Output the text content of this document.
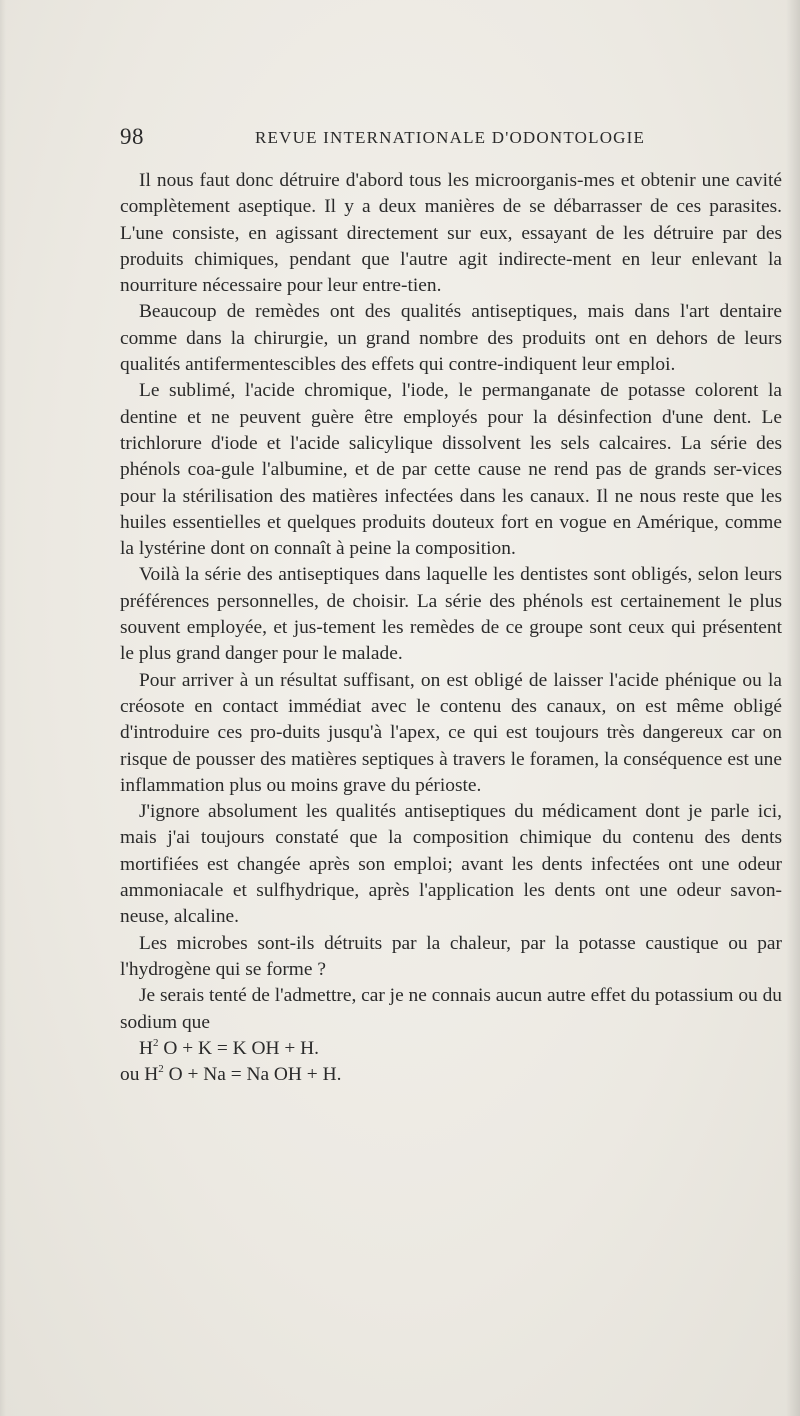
98	REVUE INTERNATIONALE D'ODONTOLOGIE

Il nous faut donc détruire d'abord tous les microorganis-mes et obtenir une cavité complètement aseptique. Il y a deux manières de se débarrasser de ces parasites. L'une consiste, en agissant directement sur eux, essayant de les détruire par des produits chimiques, pendant que l'autre agit indirecte-ment en leur enlevant la nourriture nécessaire pour leur entre-tien.

Beaucoup de remèdes ont des qualités antiseptiques, mais dans l'art dentaire comme dans la chirurgie, un grand nombre des produits ont en dehors de leurs qualités antifermentescibles des effets qui contre-indiquent leur emploi.

Le sublimé, l'acide chromique, l'iode, le permanganate de potasse colorent la dentine et ne peuvent guère être employés pour la désinfection d'une dent. Le trichlorure d'iode et l'acide salicylique dissolvent les sels calcaires. La série des phénols coa-gule l'albumine, et de par cette cause ne rend pas de grands ser-vices pour la stérilisation des matières infectées dans les canaux. Il ne nous reste que les huiles essentielles et quelques produits douteux fort en vogue en Amérique, comme la lystérine dont on connaît à peine la composition.

Voilà la série des antiseptiques dans laquelle les dentistes sont obligés, selon leurs préférences personnelles, de choisir. La série des phénols est certainement le plus souvent employée, et jus-tement les remèdes de ce groupe sont ceux qui présentent le plus grand danger pour le malade.

Pour arriver à un résultat suffisant, on est obligé de laisser l'acide phénique ou la créosote en contact immédiat avec le contenu des canaux, on est même obligé d'introduire ces pro-duits jusqu'à l'apex, ce qui est toujours très dangereux car on risque de pousser des matières septiques à travers le foramen, la conséquence est une inflammation plus ou moins grave du périoste.

J'ignore absolument les qualités antiseptiques du médicament dont je parle ici, mais j'ai toujours constaté que la composition chimique du contenu des dents mortifiées est changée après son emploi; avant les dents infectées ont une odeur ammoniacale et sulfhydrique, après l'application les dents ont une odeur savon-neuse, alcaline.

Les microbes sont-ils détruits par la chaleur, par la potasse caustique ou par l'hydrogène qui se forme ?

Je serais tenté de l'admettre, car je ne connais aucun autre effet du potassium ou du sodium que

$H^2$ O + K = K OH + H.

ou $H^2$ O + Na = Na OH + H.
